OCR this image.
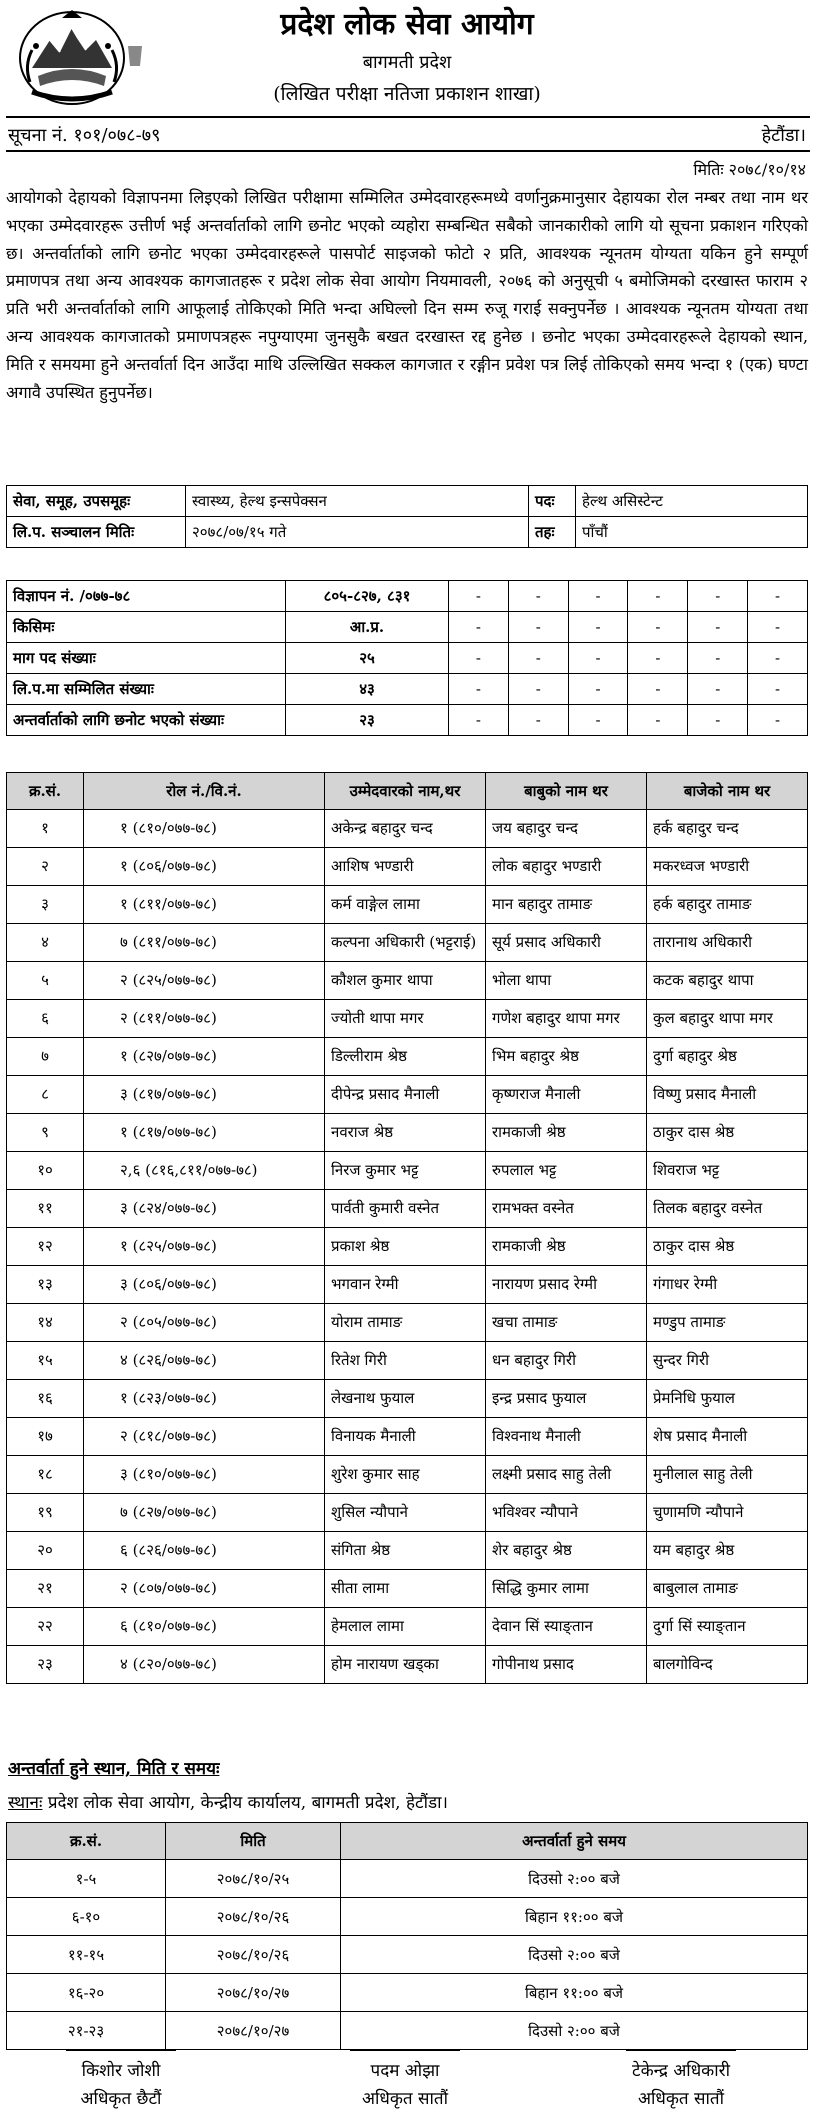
प्रदेश लोक सेवा आयोग
बागमती प्रदेश
(लिखित परीक्षा नतिजा प्रकाशन शाखा)
सूचना नं. १०१/०७८-७९	हेटौंडा।
मितिः २०७८/१०/१४

आयोगको देहायको विज्ञापनमा लिइएको लिखित परीक्षामा सम्मिलित उम्मेदवारहरूमध्ये वर्णानुक्रमानुसार देहायका रोल नम्बर तथा नाम थर भएका उम्मेदवारहरू उत्तीर्ण भई अन्तर्वार्ताको लागि छनोट भएको व्यहोरा सम्बन्धित सबैको जानकारीको लागि यो सूचना प्रकाशन गरिएको छ। अन्तर्वार्ताको लागि छनोट भएका उम्मेदवारहरूले पासपोर्ट साइजको फोटो २ प्रति, आवश्यक न्यूनतम योग्यता यकिन हुने सम्पूर्ण प्रमाणपत्र तथा अन्य आवश्यक कागजातहरू र प्रदेश लोक सेवा आयोग नियमावली, २०७६ को अनुसूची ५ बमोजिमको दरखास्त फाराम २ प्रति भरी अन्तर्वार्ताको लागि आफूलाई तोकिएको मिति भन्दा अघिल्लो दिन सम्म रुजू गराई सक्नुपर्नेछ । आवश्यक न्यूनतम योग्यता तथा अन्य आवश्यक कागजातको प्रमाणपत्रहरू नपुग्याएमा जुनसुकै बखत दरखास्त रद्द हुनेछ । छनोट भएका उम्मेदवारहरूले देहायको स्थान, मिति र समयमा हुने अन्तर्वार्ता दिन आउँदा माथि उल्लिखित सक्कल कागजात र रङ्गीन प्रवेश पत्र लिई तोकिएको समय भन्दा १ (एक) घण्टा अगावै उपस्थित हुनुपर्नेछ।

सेवा, समूह, उपसमूहः	स्वास्थ्य, हेल्थ इन्सपेक्सन	पदः	हेल्थ असिस्टेन्ट
लि.प. सञ्चालन मितिः	२०७८/०७/१५ गते	तहः	पाँचौं
विज्ञापन नं. /०७७-७८	८०५-८२७, ८३१	-	-	-	-	-	-
किसिमः	आ.प्र.	-	-	-	-	-	-
माग पद संख्याः	२५	-	-	-	-	-	-
लि.प.मा सम्मिलित संख्याः	४३	-	-	-	-	-	-
अन्तर्वार्ताको लागि छनोट भएको संख्याः	२३	-	-	-	-	-	-
क्र.सं.	रोल नं./वि.नं.	उम्मेदवारको नाम,थर	बाबुको नाम थर	बाजेको नाम थर
१	१ (८१०/०७७-७८)	अकेन्द्र बहादुर चन्द	जय बहादुर चन्द	हर्क बहादुर चन्द
२	१ (८०६/०७७-७८)	आशिष भण्डारी	लोक बहादुर भण्डारी	मकरध्वज भण्डारी
३	१ (८११/०७७-७८)	कर्म वाङ्गेल लामा	मान बहादुर तामाङ	हर्क बहादुर तामाङ
४	७ (८११/०७७-७८)	कल्पना अधिकारी (भट्टराई)	सूर्य प्रसाद अधिकारी	तारानाथ अधिकारी
५	२ (८२५/०७७-७८)	कौशल कुमार थापा	भोला थापा	कटक बहादुर थापा
६	२ (८११/०७७-७८)	ज्योती थापा मगर	गणेश बहादुर थापा मगर	कुल बहादुर थापा मगर
७	१ (८२७/०७७-७८)	डिल्लीराम श्रेष्ठ	भिम बहादुर श्रेष्ठ	दुर्गा बहादुर श्रेष्ठ
८	३ (८१७/०७७-७८)	दीपेन्द्र प्रसाद मैनाली	कृष्णराज मैनाली	विष्णु प्रसाद मैनाली
९	१ (८१७/०७७-७८)	नवराज श्रेष्ठ	रामकाजी श्रेष्ठ	ठाकुर दास श्रेष्ठ
१०	२,६ (८१६,८११/०७७-७८)	निरज कुमार भट्ट	रुपलाल भट्ट	शिवराज भट्ट
११	३ (८२४/०७७-७८)	पार्वती कुमारी वस्नेत	रामभक्त वस्नेत	तिलक बहादुर वस्नेत
१२	१ (८२५/०७७-७८)	प्रकाश श्रेष्ठ	रामकाजी श्रेष्ठ	ठाकुर दास श्रेष्ठ
१३	३ (८०६/०७७-७८)	भगवान रेग्मी	नारायण प्रसाद रेग्मी	गंगाधर रेग्मी
१४	२ (८०५/०७७-७८)	योराम तामाङ	खचा तामाङ	मण्डुप तामाङ
१५	४ (८२६/०७७-७८)	रितेश गिरी	धन बहादुर गिरी	सुन्दर गिरी
१६	१ (८२३/०७७-७८)	लेखनाथ फुयाल	इन्द्र प्रसाद फुयाल	प्रेमनिधि फुयाल
१७	२ (८१८/०७७-७८)	विनायक मैनाली	विश्वनाथ मैनाली	शेष प्रसाद मैनाली
१८	३ (८१०/०७७-७८)	शुरेश कुमार साह	लक्ष्मी प्रसाद साहु तेली	मुनीलाल साहु तेली
१९	७ (८२७/०७७-७८)	शुसिल न्यौपाने	भविश्वर न्यौपाने	चुणामणि न्यौपाने
२०	६ (८२६/०७७-७८)	संगिता श्रेष्ठ	शेर बहादुर श्रेष्ठ	यम बहादुर श्रेष्ठ
२१	२ (८०७/०७७-७८)	सीता लामा	सिद्धि कुमार लामा	बाबुलाल तामाङ
२२	६ (८१०/०७७-७८)	हेमलाल लामा	देवान सिं स्याङ्तान	दुर्गा सिं स्याङ्तान
२३	४ (८२०/०७७-७८)	होम नारायण खड्का	गोपीनाथ प्रसाद	बालगोविन्द
अन्तर्वार्ता हुने स्थान, मिति र समयः
स्थानः प्रदेश लोक सेवा आयोग, केन्द्रीय कार्यालय, बागमती प्रदेश, हेटौंडा।
क्र.सं.	मिति	अन्तर्वार्ता हुने समय
१-५	२०७८/१०/२५	दिउसो २:०० बजे
६-१०	२०७८/१०/२६	बिहान ११:०० बजे
११-१५	२०७८/१०/२६	दिउसो २:०० बजे
१६-२०	२०७८/१०/२७	बिहान ११:०० बजे
२१-२३	२०७८/१०/२७	दिउसो २:०० बजे
किशोर जोशी
अधिकृत छैटौं
पदम ओझा
अधिकृत सातौं
टेकेन्द्र अधिकारी
अधिकृत सातौं
